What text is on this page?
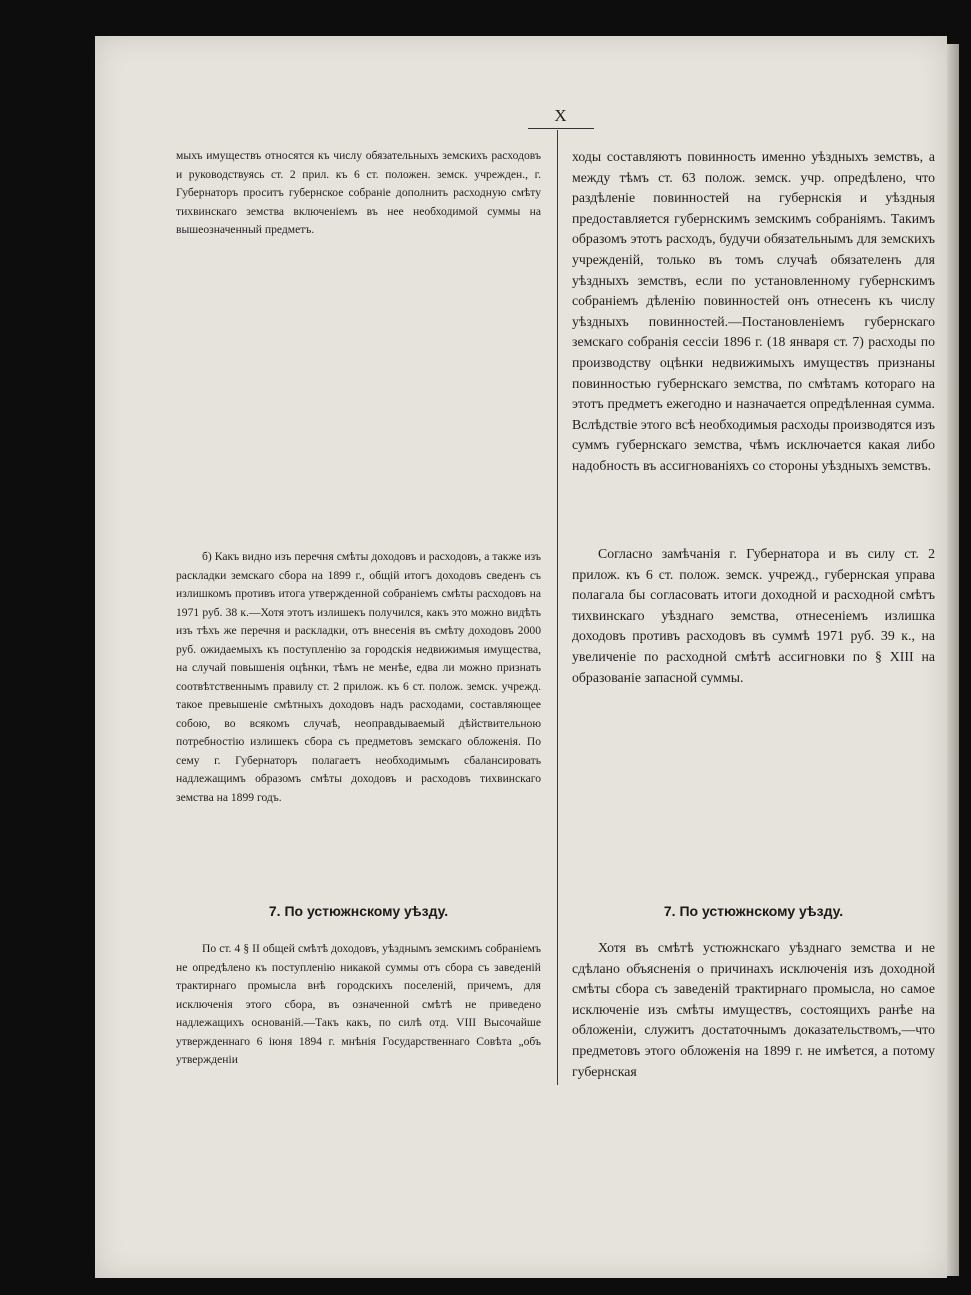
X

мыхъ имуществъ относятся къ числу обязательныхъ земскихъ расходовъ и руководствуясь ст. 2 прил. къ 6 ст. положен. земск. учрежден., г. Губернаторъ проситъ губернское собраніе дополнить расходную смѣту тихвинскаго земства включеніемъ въ нее необходимой суммы на вышеозначенный предметъ.

б) Какъ видно изъ перечня смѣты доходовъ и расходовъ, а также изъ раскладки земскаго сбора на 1899 г., общій итогъ доходовъ сведенъ съ излишкомъ противъ итога утвержденной собраніемъ смѣты расходовъ на 1971 руб. 38 к.—Хотя этотъ излишекъ получился, какъ это можно видѣть изъ тѣхъ же перечня и раскладки, отъ внесенія въ смѣту доходовъ 2000 руб. ожидаемыхъ къ поступленію за городскія недвижимыя имущества, на случай повышенія оцѣнки, тѣмъ не менѣе, едва ли можно признать соотвѣтственнымъ правилу ст. 2 прилож. къ 6 ст. полож. земск. учрежд. такое превышеніе смѣтныхъ доходовъ надъ расходами, составляющее собою, во всякомъ случаѣ, неоправдываемый дѣйствительною потребностію излишекъ сбора съ предметовъ земскаго обложенія. По сему г. Губернаторъ полагаетъ необходимымъ сбалансировать надлежащимъ образомъ смѣты доходовъ и расходовъ тихвинскаго земства на 1899 годъ.

7. По устюжнскому уѣзду.

По ст. 4 § II общей смѣтѣ доходовъ, уѣзднымъ земскимъ собраніемъ не опредѣлено къ поступленію никакой суммы отъ сбора съ заведеній трактирнаго промысла внѣ городскихъ поселеній, причемъ, для исключенія этого сбора, въ означенной смѣтѣ не приведено надлежащихъ основаній.—Такъ какъ, по силѣ отд. VIII Высочайше утвержденнаго 6 іюня 1894 г. мнѣнія Государственнаго Совѣта „объ утвержденіи

ходы составляютъ повинность именно уѣздныхъ земствъ, а между тѣмъ ст. 63 полож. земск. учр. опредѣлено, что раздѣленіе повинностей на губернскія и уѣздныя предоставляется губернскимъ земскимъ собраніямъ. Такимъ образомъ этотъ расходъ, будучи обязательнымъ для земскихъ учрежденій, только въ томъ случаѣ обязателенъ для уѣздныхъ земствъ, если по установленному губернскимъ собраніемъ дѣленію повинностей онъ отнесенъ къ числу уѣздныхъ повинностей.—Постановленіемъ губернскаго земскаго собранія сессіи 1896 г. (18 января ст. 7) расходы по производству оцѣнки недвижимыхъ имуществъ признаны повинностью губернскаго земства, по смѣтамъ котораго на этотъ предметъ ежегодно и назначается опредѣленная сумма. Вслѣдствіе этого всѣ необходимыя расходы производятся изъ суммъ губернскаго земства, чѣмъ исключается какая либо надобность въ ассигнованіяхъ со стороны уѣздныхъ земствъ.

Согласно замѣчанія г. Губернатора и въ силу ст. 2 прилож. къ 6 ст. полож. земск. учрежд., губернская управа полагала бы согласовать итоги доходной и расходной смѣтъ тихвинскаго уѣзднаго земства, отнесеніемъ излишка доходовъ противъ расходовъ въ суммѣ 1971 руб. 39 к., на увеличеніе по расходной смѣтѣ ассигновки по § XIII на образованіе запасной суммы.

7. По устюжнскому уѣзду.

Хотя въ смѣтѣ устюжнскаго уѣзднаго земства и не сдѣлано объясненія о причинахъ исключенія изъ доходной смѣты сбора съ заведеній трактирнаго промысла, но самое исключеніе изъ смѣты имуществъ, состоящихъ ранѣе на обложеніи, служитъ достаточнымъ доказательствомъ,—что предметовъ этого обложенія на 1899 г. не имѣется, а потому губернская
